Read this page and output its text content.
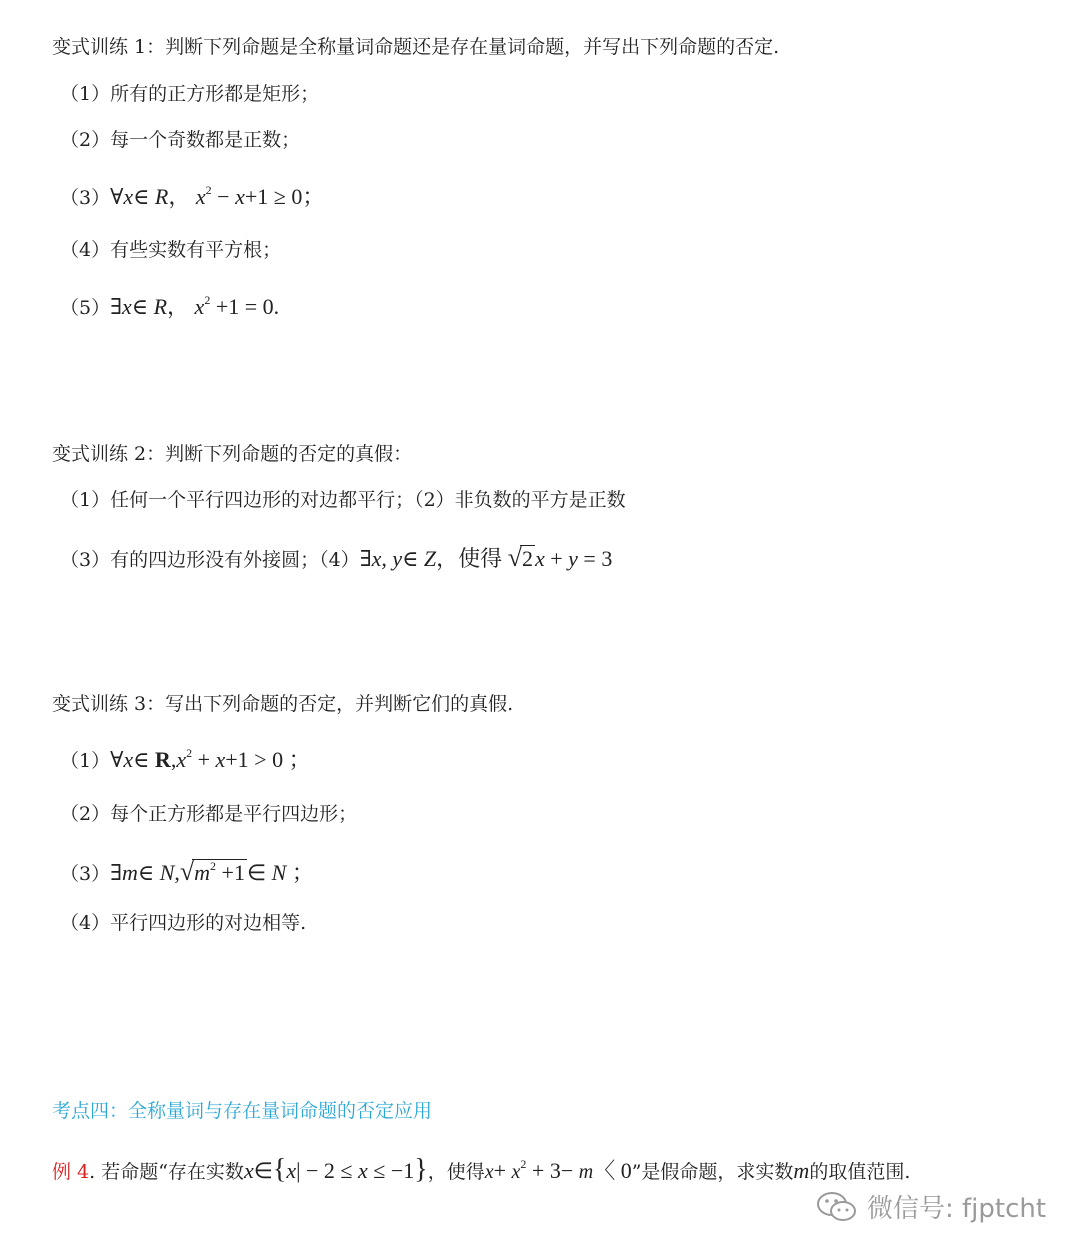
变式训练 1：判断下列命题是全称量词命题还是存在量词命题，并写出下列命题的否定.
（1）所有的正方形都是矩形；
（2）每一个奇数都是正数；
（3）∀x∈ R， $x^2 - x+1 \ge 0$；
（4）有些实数有平方根；
（5）∃x∈ R， $x^2 +1 = 0$.
变式训练 2：判断下列命题的否定的真假：
（1）任何一个平行四边形的对边都平行；（2）非负数的平方是正数
（3）有的四边形没有外接圆；（4）∃x, y∈ Z，使得 √2x + y = 3
变式训练 3：写出下列命题的否定，并判断它们的真假.
（1）∀x∈ $R,x^2 + x+1 > 0$ ；
（2）每个正方形都是平行四边形；
（3）∃m∈ $N,√m^2$ +1∈ N ；
（4）平行四边形的对边相等.
考点四：全称量词与存在量词命题的否定应用
例 4. 若命题“存在实数x∈{x| − 2 ≤ x ≤ −1}，使得$x+ x^2 + 3- m$〈 0”是假命题，求实数m的取值范围.
微信号: fjptcht
